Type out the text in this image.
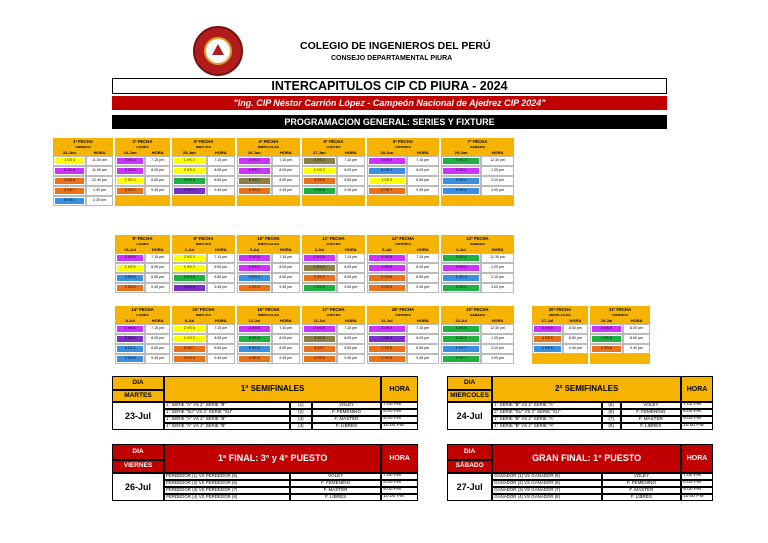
COLEGIO DE INGENIEROS DEL PERÚ
CONSEJO DEPARTAMENTAL PIURA
INTERCAPITULOS CIP CD PIURA - 2024
"Ing. CIP Néstor Carrión López - Campeón Nacional de Ajedrez CIP 2024"
PROGRAMACION GENERAL: SERIES Y FIXTURE
1ª FECHA
SABADO
22-Jun	HORA
1 VS 3	11.00 am
5 VS 6	11.50 am
2 VS 6	12.40 pm
4 VS 7	1.30 pm
5 VS 1	2.20 pm
2ª FECHA
LUNES
24-Jun	HORA
3 VS 4	7.15 pm
2 VS 5	8.05 pm
1 VS 3	8.55 pm
3 VS 2	9.45 pm
3ª FECHA
MARTES
25-Jun	HORA
1 VS 2	7.15 pm
2 VS 4	8.05 pm
3 VS 4	8.55 pm
2 VS 4	9.45 pm
4ª FECHA
MIERCOLES
26-Jun	HORA
3 VS 2	7.15 pm
1 VS 7	8.05 pm
5 VS 7	8.55 pm
4 VS 4	9.45 pm
5ª FECHA
JUEVES
27-Jun	HORA
4 VS 3	7.15 pm
1 VS 2	8.05 pm
3 VS 6	8.55 pm
4 VS 5	9.45 pm
6ª FECHA
VIERNES
28-Jun	HORA
4 VS 5	7.15 pm
6 VS 1	8.05 pm
1 VS 3	8.55 pm
2 VS 7	9.45 pm
7ª FECHA
SABADO
29-Jun	HORA
2 VS 3	12.30 pm
6 VS 5	1.20 pm
2 VS 5	2.10 pm
3 VS 4	3.00 pm
8ª FECHA
LUNES
01-Jul	HORA
3 VS 6	7.15 pm
1 VS 5	8.05 pm
3 VS 5	8.55 pm
2 VS 6	9.45 pm
9ª FECHA
MARTES
2-Jul	HORA
2 VS 3	7.15 pm
1 VS 2	8.05 pm
2 VS 5	8.55 pm
3 VS 6	9.45 pm
10ª FECHA
MIERCOLES
3-Jul	HORA
3 VS 5	7.15 pm
1 VS 4	8.05 pm
3 VS 4	8.55 pm
1 VS 3	9.45 pm
11ª FECHA
JUEVES
4-Jul	HORA
2 VS 5	7.15 pm
1 VS 4	8.05 pm
2 VS 3	8.55 pm
1 VS 3	9.45 pm
12ª FECHA
VIERNES
5-Jul	HORA
5 VS 6	7.15 pm
1 VS 5	8.05 pm
2 VS 6	8.55 pm
3 VS 5	9.45 pm
13ª FECHA
SABADO
6-Jul	HORA
3 VS 4	12.30 pm
3 VS 5	1.20 pm
1 VS 3	2.10 pm
4 VS 2	3.00 pm
14ª FECHA
LUNES
8-Jul	HORA
1 VS 6	7.15 pm
2 VS 4	8.05 pm
6 VS 4	8.55 pm
3 VS 5	9.45 pm
15ª FECHA
MARTES
9-Jul	HORA
2 VS 6	7.15 pm
1 VS 2	8.05 pm
5 VS 7	8.55 pm
3 VS 6	9.45 pm
16ª FECHA
MIERCOLES
10-Jul	HORA
2 VS 6	7.15 pm
3 VS 5	8.05 pm
5 VS 3	8.55 pm
1 VS 5	9.45 pm
17ª FECHA
JUEVES
11-Jul	HORA
2 VS 5	7.15 pm
3 VS 6	8.05 pm
3 VS 7	8.55 pm
4 VS 6	9.45 pm
18ª FECHA
VIERNES
12-Jul	HORA
2 VS 4	7.15 pm
1 VS 4	8.05 pm
2 VS 5	8.55 pm
2 VS 6	9.45 pm
19ª FECHA
SABADO
13-Jul	HORA
1 VS 5	12.30 pm
5 VS 3	1.20 pm
1 VS 7	2.10 pm
2 VS 7	3.00 pm
20ª FECHA
MIERCOLES
17-Jul	HORA
2 VS 5	8.00 pm
4 VS 5	8.50 pm
1 VS 6	9.40 pm
21ª FECHA
VIERNES
19-Jul	HORA
1 VS 6	8.00 pm
1 VS 6	8.50 pm
2 VS 6	9.40 pm
DIA
MARTES
1ª SEMIFINALES	HORA
23-Jul
1° SERIE "A" VS 2° SERIE "B"	(1)	VÓLEY	7.00 PM
1° SERIE "SU" VS 4° SERIE "SU"	(2)	F. FEMENINO	8.00 PM
1° SERIE "A" VS 2° SERIE "B"	(3)	F. MASTER	9.00 PM
1° SERIE "A" VS 2° SERIE "B"	(4)	F. LIBRES	10.00 PM
DIA
MIERCOLES
2ª SEMIFINALES	HORA
24-Jul
1° SERIE "B" VS 2° SERIE "A"	(5)	VÓLEY	7.00 PM
2° SERIE "SU" VS 3° SERIE "SU"	(6)	F. FEMENINO	8.00 PM
1° SERIE "B" VS 2° SERIE "A"	(7)	F. MASTER	9.00 PM
1° SERIE "B" VS 2° SERIE "A"	(8)	F. LIBRES	10.00 PM
DIA
VIERNES
1ª FINAL: 3° y 4° PUESTO	HORA
26-Jul
PERDEDOR (1) VS PERDEDOR (5)	VÓLEY	7.00 PM
PERDEDOR (2) VS PERDEDOR (6)	F. FEMENINO	8.00 PM
PERDEDOR (3) VS PERDEDOR (7)	F. MASTER	9.00 PM
PERDEDOR (4) VS PERDEDOR (8)	F. LIBRES	10.00 PM
DIA
SÁBADO
GRAN FINAL: 1° PUESTO	HORA
27-Jul
GANADOR (1) VS GANADOR (5)	VÓLEY	7.00 PM
GANADOR (2) VS GANADOR (6)	F. FEMENINO	8.00 PM
GANADOR (3) VS GANADOR (7)	F. MASTER	9.00 PM
GANADOR (4) VS GANADOR (8)	F. LIBRES	10.00 PM
